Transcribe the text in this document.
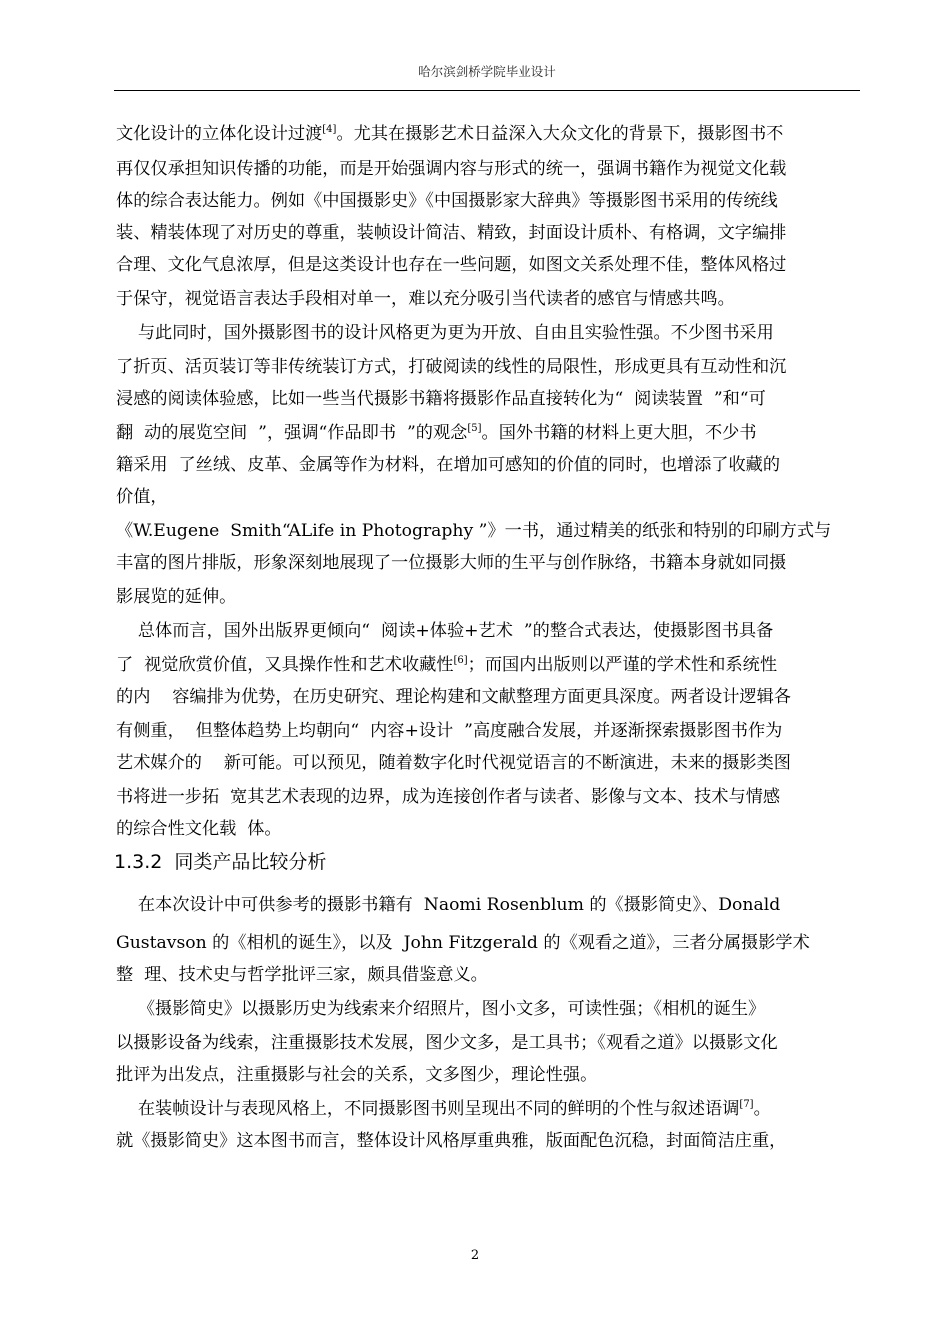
哈尔滨剑桥学院毕业设计
文化设计的立体化设计过渡[4]。尤其在摄影艺术日益深入大众文化的背景下，摄影图书不
再仅仅承担知识传播的功能，而是开始强调内容与形式的统一，强调书籍作为视觉文化载
体的综合表达能力。例如《中国摄影史》《中国摄影家大辞典》等摄影图书采用的传统线
装、精装体现了对历史的尊重，装帧设计简洁、精致，封面设计质朴、有格调，文字编排
合理、文化气息浓厚，但是这类设计也存在一些问题，如图文关系处理不佳，整体风格过
于保守，视觉语言表达手段相对单一，难以充分吸引当代读者的感官与情感共鸣。
与此同时，国外摄影图书的设计风格更为更为开放、自由且实验性强。不少图书采用
了折页、活页装订等非传统装订方式，打破阅读的线性的局限性，形成更具有互动性和沉
浸感的阅读体验感，比如一些当代摄影书籍将摄影作品直接转化为“  阅读装置  ”和“可
翻  动的展览空间  ”，强调“作品即书  ”的观念[5]。国外书籍的材料上更大胆，不少书
籍采用  了丝绒、皮革、金属等作为材料，在增加可感知的价值的同时，也增添了收藏的
价值，
《W.Eugene  Smith“ALife in Photography ”》一书，通过精美的纸张和特别的印刷方式与
丰富的图片排版，形象深刻地展现了一位摄影大师的生平与创作脉络，书籍本身就如同摄
影展览的延伸。
总体而言，国外出版界更倾向“  阅读+体验+艺术  ”的整合式表达，使摄影图书具备
了  视觉欣赏价值，又具操作性和艺术收藏性[6]；而国内出版则以严谨的学术性和系统性
的内    容编排为优势，在历史研究、理论构建和文献整理方面更具深度。两者设计逻辑各
有侧重，  但整体趋势上均朝向“  内容+设计  ”高度融合发展，并逐渐探索摄影图书作为
艺术媒介的    新可能。可以预见，随着数字化时代视觉语言的不断演进，未来的摄影类图
书将进一步拓  宽其艺术表现的边界，成为连接创作者与读者、影像与文本、技术与情感
的综合性文化载  体。
1.3.2  同类产品比较分析
在本次设计中可供参考的摄影书籍有  Naomi Rosenblum 的《摄影简史》、Donald
Gustavson 的《相机的诞生》，以及  John Fitzgerald 的《观看之道》，三者分属摄影学术
整  理、技术史与哲学批评三家，颇具借鉴意义。
《摄影简史》以摄影历史为线索来介绍照片，图小文多，可读性强；《相机的诞生》
以摄影设备为线索，注重摄影技术发展，图少文多，是工具书；《观看之道》以摄影文化
批评为出发点，注重摄影与社会的关系，文多图少，理论性强。
在装帧设计与表现风格上，不同摄影图书则呈现出不同的鲜明的个性与叙述语调[7]。
就《摄影简史》这本图书而言，整体设计风格厚重典雅，版面配色沉稳，封面简洁庄重，
2
